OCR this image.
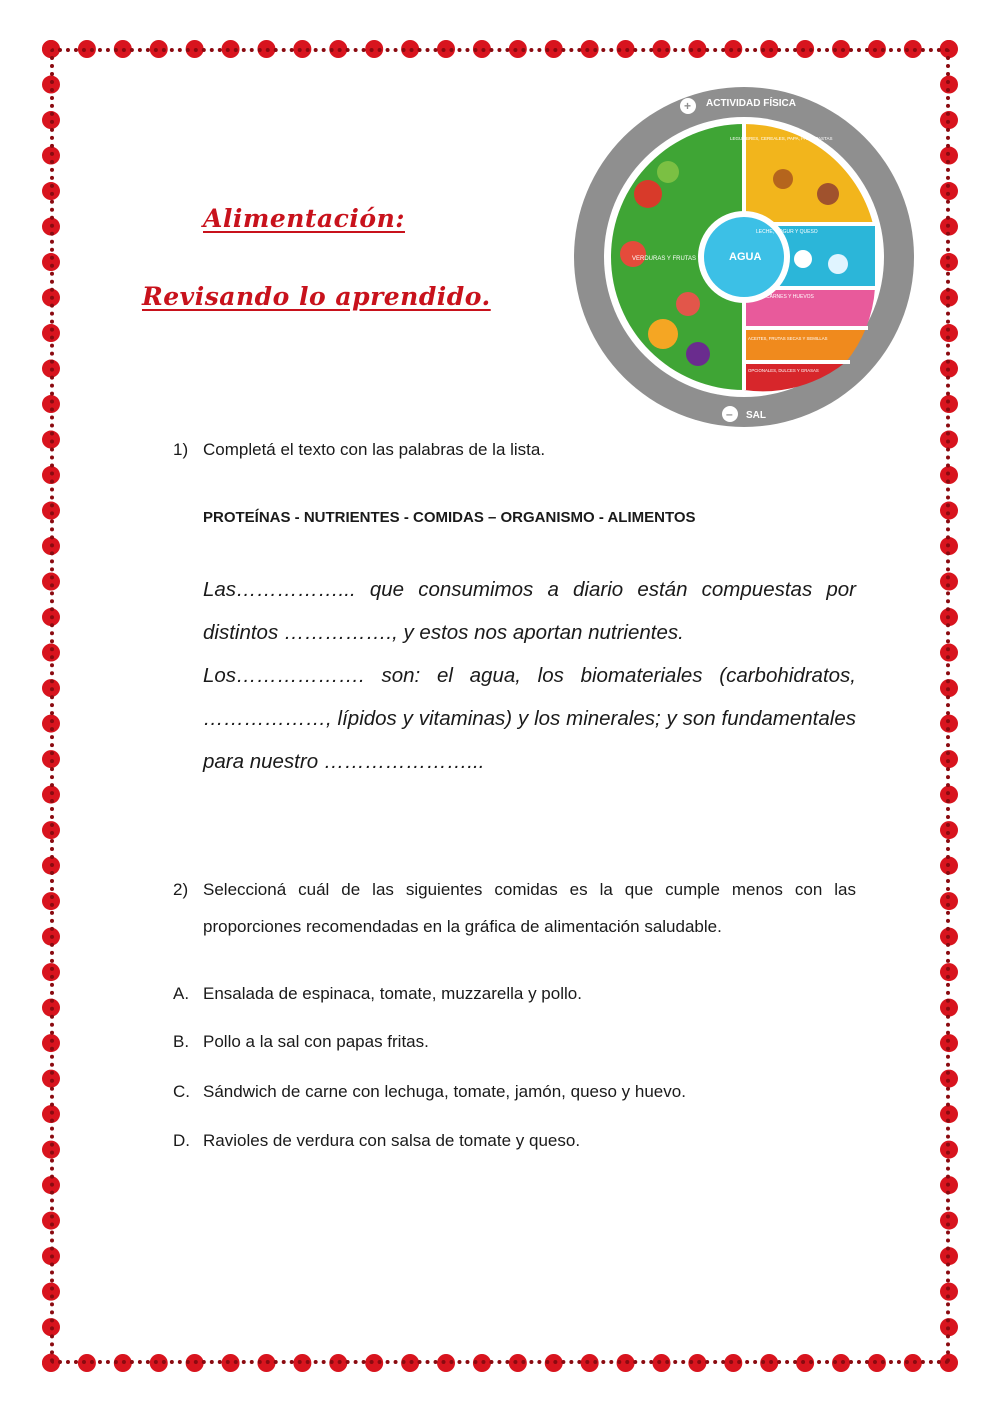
Alimentación:
Revisando lo aprendido.
ACTIVIDAD FÍSICA
+
SAL
–
AGUA
VERDURAS Y FRUTAS
LEGUMBRES, CEREALES, PAPA, PAN Y PASTAS
LECHE, YOGUR Y QUESO
CARNES Y HUEVOS
ACEITES, FRUTAS SECAS Y SEMILLAS
OPCIONALES, DULCES Y GRASAS
1) Completá el texto con las palabras de la lista.
PROTEÍNAS - NUTRIENTES - COMIDAS – ORGANISMO - ALIMENTOS
Las……………... que consumimos a diario están compuestas por distintos ……………., y estos nos aportan nutrientes.
Los………………. son: el agua, los biomateriales (carbohidratos, ………………, lípidos y vitaminas) y los minerales; y son fundamentales para nuestro …………………...
2) Seleccioná cuál de las siguientes comidas es la que cumple menos con las proporciones recomendadas en la gráfica de alimentación saludable.
A. Ensalada de espinaca, tomate, muzzarella y pollo.
B. Pollo a la sal con papas fritas.
C. Sándwich de carne con lechuga, tomate, jamón, queso y huevo.
D. Ravioles de verdura con salsa de tomate y queso.
